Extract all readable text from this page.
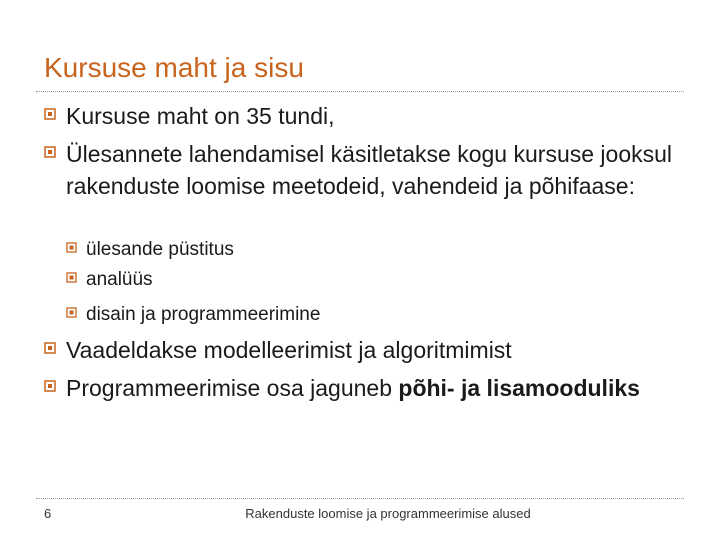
Kursuse maht ja sisu
Kursuse maht on 35 tundi,
Ülesannete lahendamisel käsitletakse kogu kursuse jooksul rakenduste loomise meetodeid, vahendeid ja põhifaase:
ülesande püstitus
analüüs
disain ja programmeerimine
Vaadeldakse modelleerimist ja algoritmimist
Programmeerimise osa jaguneb põhi- ja lisamooduliks
6	Rakenduste loomise ja programmeerimise alused
